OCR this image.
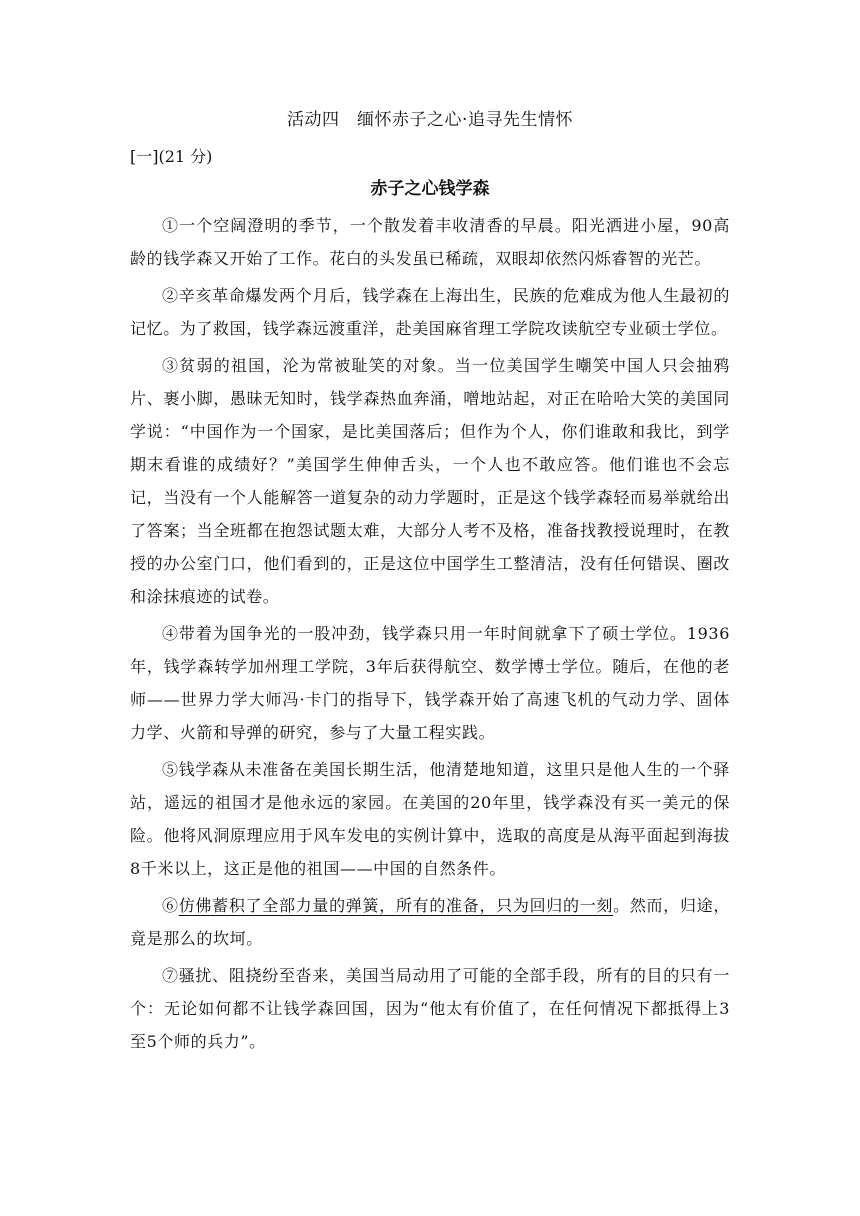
活动四　缅怀赤子之心·追寻先生情怀
[一](21 分)
赤子之心钱学森

①一个空阔澄明的季节，一个散发着丰收清香的早晨。阳光洒进小屋，90高龄的钱学森又开始了工作。花白的头发虽已稀疏，双眼却依然闪烁睿智的光芒。

②辛亥革命爆发两个月后，钱学森在上海出生，民族的危难成为他人生最初的记忆。为了救国，钱学森远渡重洋，赴美国麻省理工学院攻读航空专业硕士学位。

③贫弱的祖国，沦为常被耻笑的对象。当一位美国学生嘲笑中国人只会抽鸦片、裹小脚，愚昧无知时，钱学森热血奔涌，噌地站起，对正在哈哈大笑的美国同学说：“中国作为一个国家，是比美国落后；但作为个人，你们谁敢和我比，到学期末看谁的成绩好？”美国学生伸伸舌头，一个人也不敢应答。他们谁也不会忘记，当没有一个人能解答一道复杂的动力学题时，正是这个钱学森轻而易举就给出了答案；当全班都在抱怨试题太难，大部分人考不及格，准备找教授说理时，在教授的办公室门口，他们看到的，正是这位中国学生工整清洁，没有任何错误、圈改和涂抹痕迹的试卷。

④带着为国争光的一股冲劲，钱学森只用一年时间就拿下了硕士学位。1936年，钱学森转学加州理工学院，3年后获得航空、数学博士学位。随后，在他的老师——世界力学大师冯·卡门的指导下，钱学森开始了高速飞机的气动力学、固体力学、火箭和导弹的研究，参与了大量工程实践。

⑤钱学森从未准备在美国长期生活，他清楚地知道，这里只是他人生的一个驿站，遥远的祖国才是他永远的家园。在美国的20年里，钱学森没有买一美元的保险。他将风洞原理应用于风车发电的实例计算中，选取的高度是从海平面起到海拔8千米以上，这正是他的祖国——中国的自然条件。

⑥仿佛蓄积了全部力量的弹簧，所有的准备，只为回归的一刻。然而，归途，竟是那么的坎坷。

⑦骚扰、阻挠纷至沓来，美国当局动用了可能的全部手段，所有的目的只有一个：无论如何都不让钱学森回国，因为“他太有价值了，在任何情况下都抵得上3至5个师的兵力”。
